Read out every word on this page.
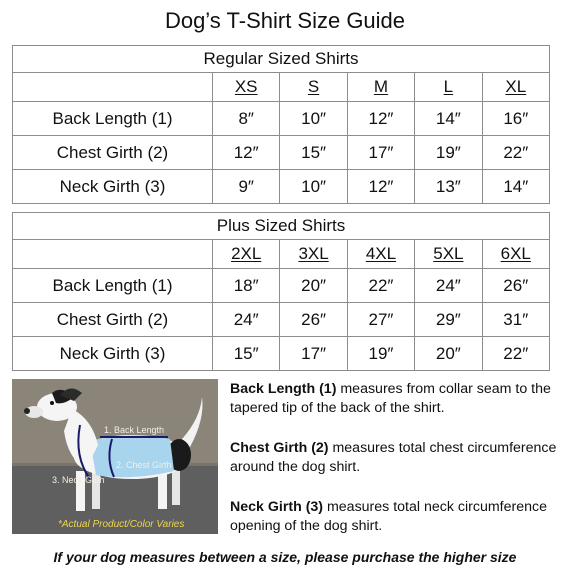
Dog’s T-Shirt Size Guide
Regular Sized Shirts					
	XS	S	M	L	XL
Back Length (1)	8″	10″	12″	14″	16″
Chest Girth (2)	12″	15″	17″	19″	22″
Neck Girth (3)	9″	10″	12″	13″	14″
Plus Sized Shirts					
	2XL	3XL	4XL	5XL	6XL
Back Length (1)	18″	20″	22″	24″	26″
Chest Girth (2)	24″	26″	27″	29″	31″
Neck Girth (3)	15″	17″	19″	20″	22″
1. Back Length
2. Chest Girth
3. Neck Girth
*Actual Product/Color Varies

Back Length (1) measures from collar seam to the tapered tip of the back of the shirt.

Chest Girth (2) measures total chest circumference around the dog shirt.

Neck Girth (3) measures total neck circumference opening of the dog shirt.

If your dog measures between a size, please purchase the higher size
